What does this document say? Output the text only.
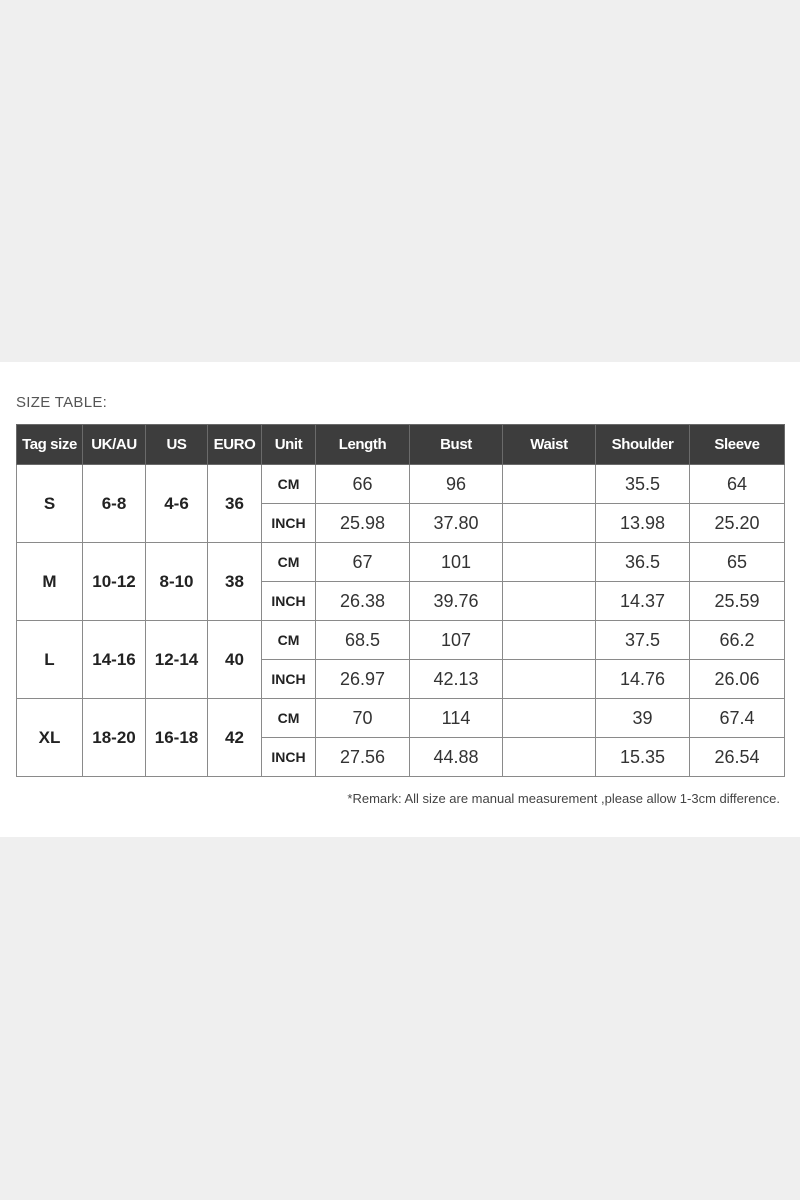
SIZE TABLE:
Tag size	UK/AU	US	EURO	Unit	Length	Bust	Waist	Shoulder	Sleeve
S	6-8	4-6	36	CM	66	96		35.5	64
				INCH	25.98	37.80		13.98	25.20
M	10-12	8-10	38	CM	67	101		36.5	65
				INCH	26.38	39.76		14.37	25.59
L	14-16	12-14	40	CM	68.5	107		37.5	66.2
				INCH	26.97	42.13		14.76	26.06
XL	18-20	16-18	42	CM	70	114		39	67.4
				INCH	27.56	44.88		15.35	26.54
*Remark: All size are manual measurement ,please allow 1-3cm difference.
